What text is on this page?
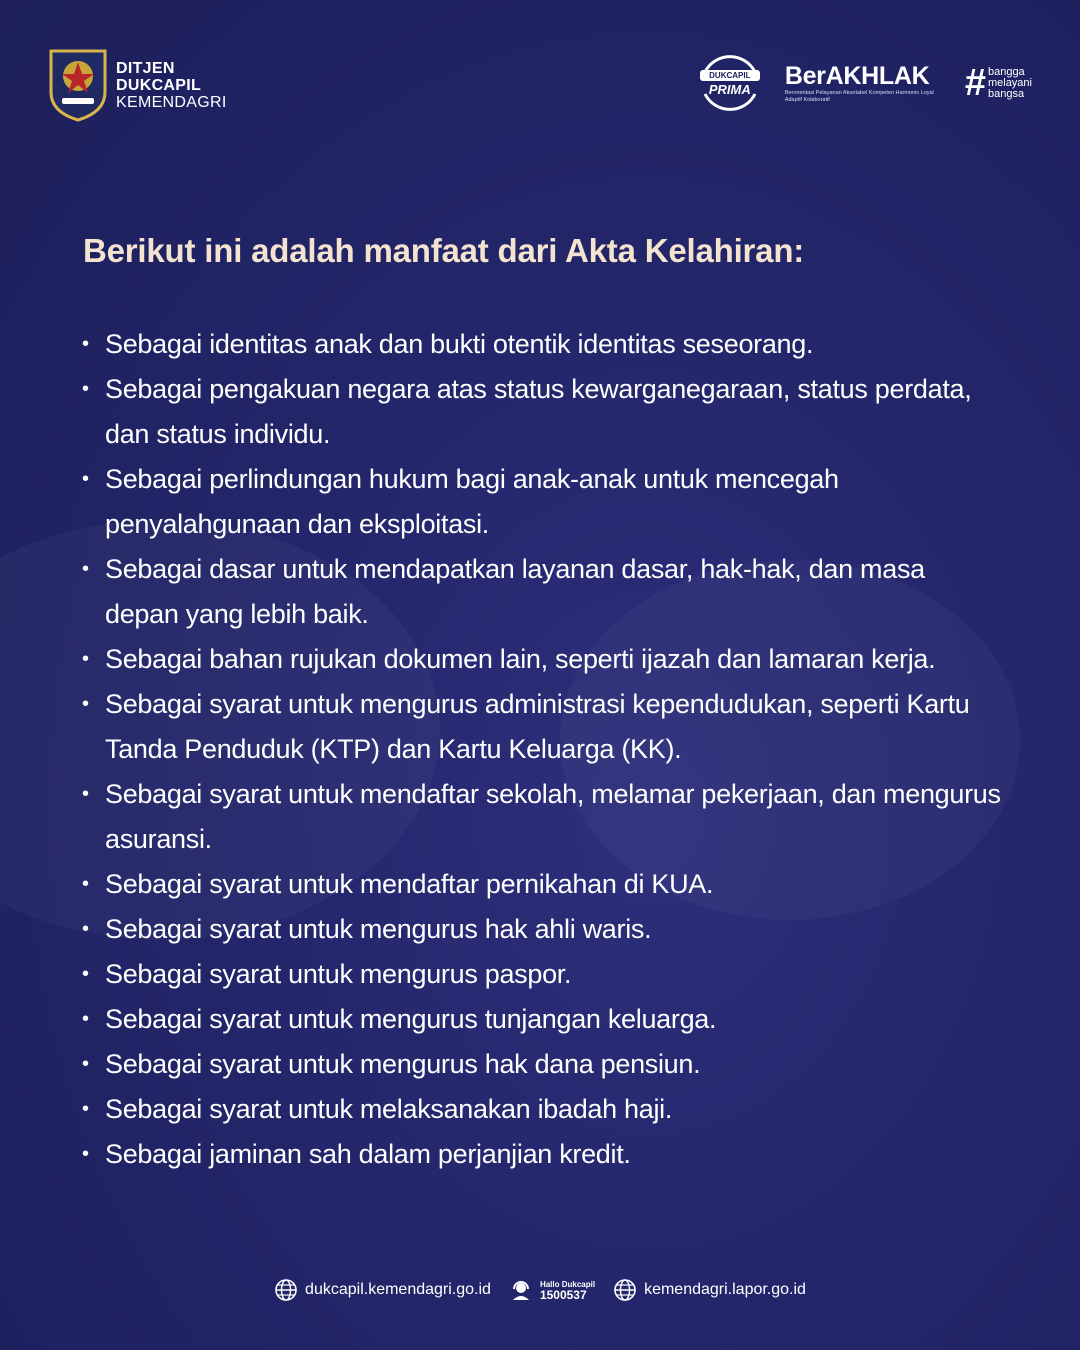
DITJEN
DUKCAPIL
KEMENDAGRI
DUKCAPIL
PRIMA	BerAKHLAK
Berorientasi Pelayanan Akuntabel Kompeten Harmonis Loyal Adaptif Kolaboratif	# bangga
melayani
bangsa
Berikut ini adalah manfaat dari Akta Kelahiran:
• Sebagai identitas anak dan bukti otentik identitas seseorang.
• Sebagai pengakuan negara atas status kewarganegaraan, status perdata, dan status individu.
• Sebagai perlindungan hukum bagi anak-anak untuk mencegah penyalahgunaan dan eksploitasi.
• Sebagai dasar untuk mendapatkan layanan dasar, hak-hak, dan masa depan yang lebih baik.
• Sebagai bahan rujukan dokumen lain, seperti ijazah dan lamaran kerja.
• Sebagai syarat untuk mengurus administrasi kependudukan, seperti Kartu Tanda Penduduk (KTP) dan Kartu Keluarga (KK).
• Sebagai syarat untuk mendaftar sekolah, melamar pekerjaan, dan mengurus asuransi.
• Sebagai syarat untuk mendaftar pernikahan di KUA.
• Sebagai syarat untuk mengurus hak ahli waris.
• Sebagai syarat untuk mengurus paspor.
• Sebagai syarat untuk mengurus tunjangan keluarga.
• Sebagai syarat untuk mengurus hak dana pensiun.
• Sebagai syarat untuk melaksanakan ibadah haji.
• Sebagai jaminan sah dalam perjanjian kredit.
dukcapil.kemendagri.go.id	Hallo Dukcapil
1500537	kemendagri.lapor.go.id
